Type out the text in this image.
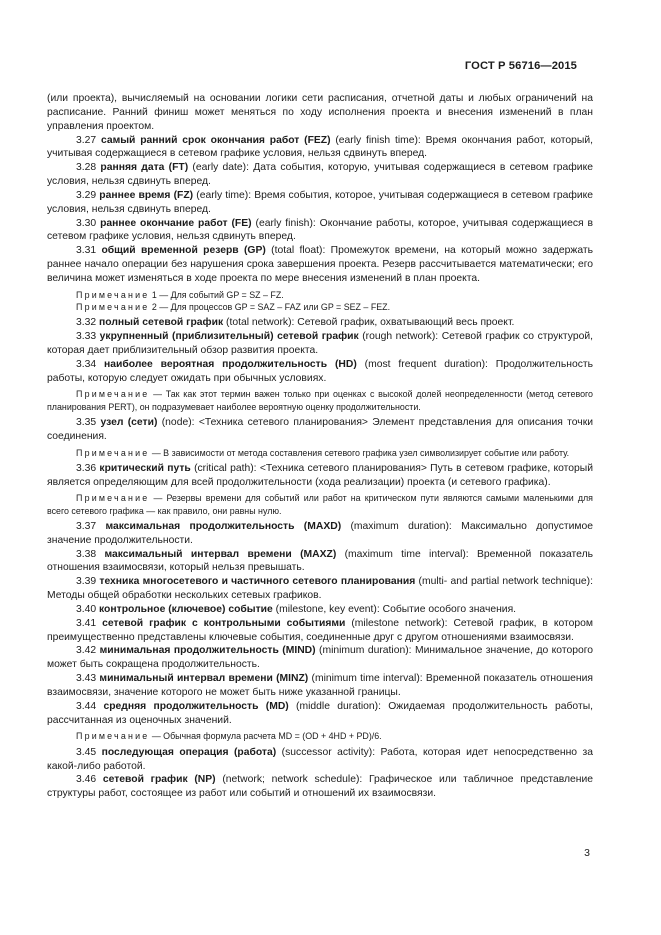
ГОСТ Р 56716—2015

(или проекта), вычисляемый на основании логики сети расписания, отчетной даты и любых ограничений на расписание. Ранний финиш может меняться по ходу исполнения проекта и внесения изменений в план управления проектом.

3.27 самый ранний срок окончания работ (FEZ) (early finish time): Время окончания работ, который, учитывая содержащиеся в сетевом графике условия, нельзя сдвинуть вперед.

3.28 ранняя дата (FT) (early date): Дата события, которую, учитывая содержащиеся в сетевом графике условия, нельзя сдвинуть вперед.

3.29 раннее время (FZ) (early time): Время события, которое, учитывая содержащиеся в сетевом графике условия, нельзя сдвинуть вперед.

3.30 раннее окончание работ (FE) (early finish): Окончание работы, которое, учитывая содержащиеся в сетевом графике условия, нельзя сдвинуть вперед.

3.31 общий временной резерв (GP) (total float): Промежуток времени, на который можно задержать раннее начало операции без нарушения срока завершения проекта. Резерв рассчитывается математически; его величина может изменяться в ходе проекта по мере внесения изменений в план проекта.

Примечание 1 — Для событий GP = SZ – FZ.

Примечание 2 — Для процессов GP = SAZ – FAZ или GP = SEZ – FEZ.

3.32 полный сетевой график (total network): Сетевой график, охватывающий весь проект.

3.33 укрупненный (приблизительный) сетевой график (rough network): Сетевой график со структурой, которая дает приблизительный обзор развития проекта.

3.34 наиболее вероятная продолжительность (HD) (most frequent duration): Продолжительность работы, которую следует ожидать при обычных условиях.

Примечание — Так как этот термин важен только при оценках с высокой долей неопределенности (метод сетевого планирования PERT), он подразумевает наиболее вероятную оценку продолжительности.

3.35 узел (сети) (node): <Техника сетевого планирования> Элемент представления для описания точки соединения.

Примечание — В зависимости от метода составления сетевого графика узел символизирует событие или работу.

3.36 критический путь (critical path): <Техника сетевого планирования> Путь в сетевом графике, который является определяющим для всей продолжительности (хода реализации) проекта (и сетевого графика).

Примечание — Резервы времени для событий или работ на критическом пути являются самыми маленькими для всего сетевого графика — как правило, они равны нулю.

3.37 максимальная продолжительность (MAXD) (maximum duration): Максимально допустимое значение продолжительности.

3.38 максимальный интервал времени (MAXZ) (maximum time interval): Временной показатель отношения взаимосвязи, который нельзя превышать.

3.39 техника многосетевого и частичного сетевого планирования (multi- and partial network technique): Методы общей обработки нескольких сетевых графиков.

3.40 контрольное (ключевое) событие (milestone, key event): Событие особого значения.

3.41 сетевой график с контрольными событиями (milestone network): Сетевой график, в котором преимущественно представлены ключевые события, соединенные друг с другом отношениями взаимосвязи.

3.42 минимальная продолжительность (MIND) (minimum duration): Минимальное значение, до которого может быть сокращена продолжительность.

3.43 минимальный интервал времени (MINZ) (minimum time interval): Временной показатель отношения взаимосвязи, значение которого не может быть ниже указанной границы.

3.44 средняя продолжительность (MD) (middle duration): Ожидаемая продолжительность работы, рассчитанная из оценочных значений.

Примечание — Обычная формула расчета MD = (OD + 4HD + PD)/6.

3.45 последующая операция (работа) (successor activity): Работа, которая идет непосредственно за какой-либо работой.

3.46 сетевой график (NP) (network; network schedule): Графическое или табличное представление структуры работ, состоящее из работ или событий и отношений их взаимосвязи.

3
